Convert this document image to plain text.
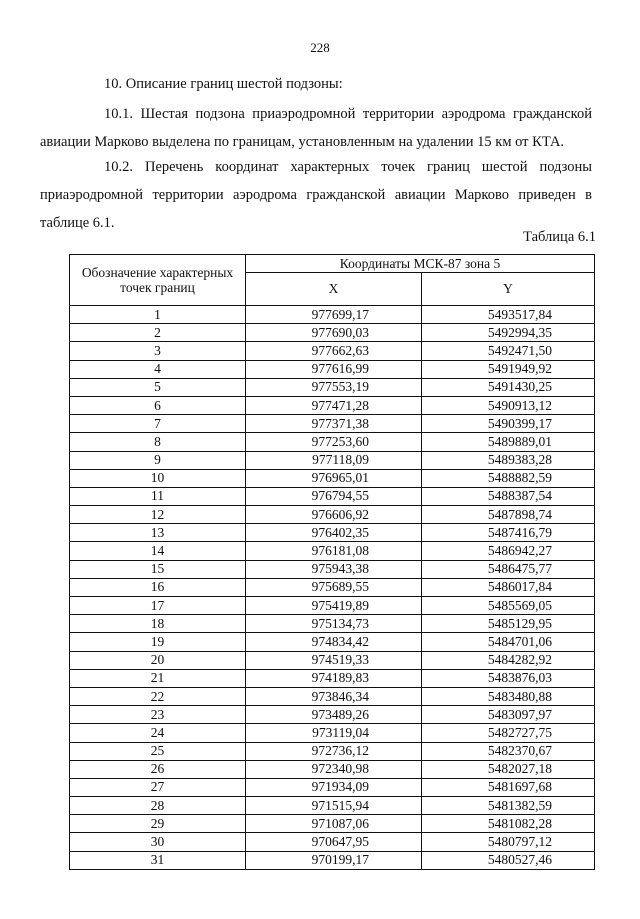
228
10. Описание границ шестой подзоны:
10.1. Шестая подзона приаэродромной территории аэродрома гражданской
авиации Марково выделена по границам, установленным на удалении 15 км от КТА.
10.2. Перечень координат характерных точек границ шестой подзоны
приаэродромной территории аэродрома гражданской авиации Марково приведен в
таблице 6.1.
Таблица 6.1
Обозначение характерных точек границ	Координаты МСК-87 зона 5	
	X	Y
1	977699,17	5493517,84
2	977690,03	5492994,35
3	977662,63	5492471,50
4	977616,99	5491949,92
5	977553,19	5491430,25
6	977471,28	5490913,12
7	977371,38	5490399,17
8	977253,60	5489889,01
9	977118,09	5489383,28
10	976965,01	5488882,59
11	976794,55	5488387,54
12	976606,92	5487898,74
13	976402,35	5487416,79
14	976181,08	5486942,27
15	975943,38	5486475,77
16	975689,55	5486017,84
17	975419,89	5485569,05
18	975134,73	5485129,95
19	974834,42	5484701,06
20	974519,33	5484282,92
21	974189,83	5483876,03
22	973846,34	5483480,88
23	973489,26	5483097,97
24	973119,04	5482727,75
25	972736,12	5482370,67
26	972340,98	5482027,18
27	971934,09	5481697,68
28	971515,94	5481382,59
29	971087,06	5481082,28
30	970647,95	5480797,12
31	970199,17	5480527,46
